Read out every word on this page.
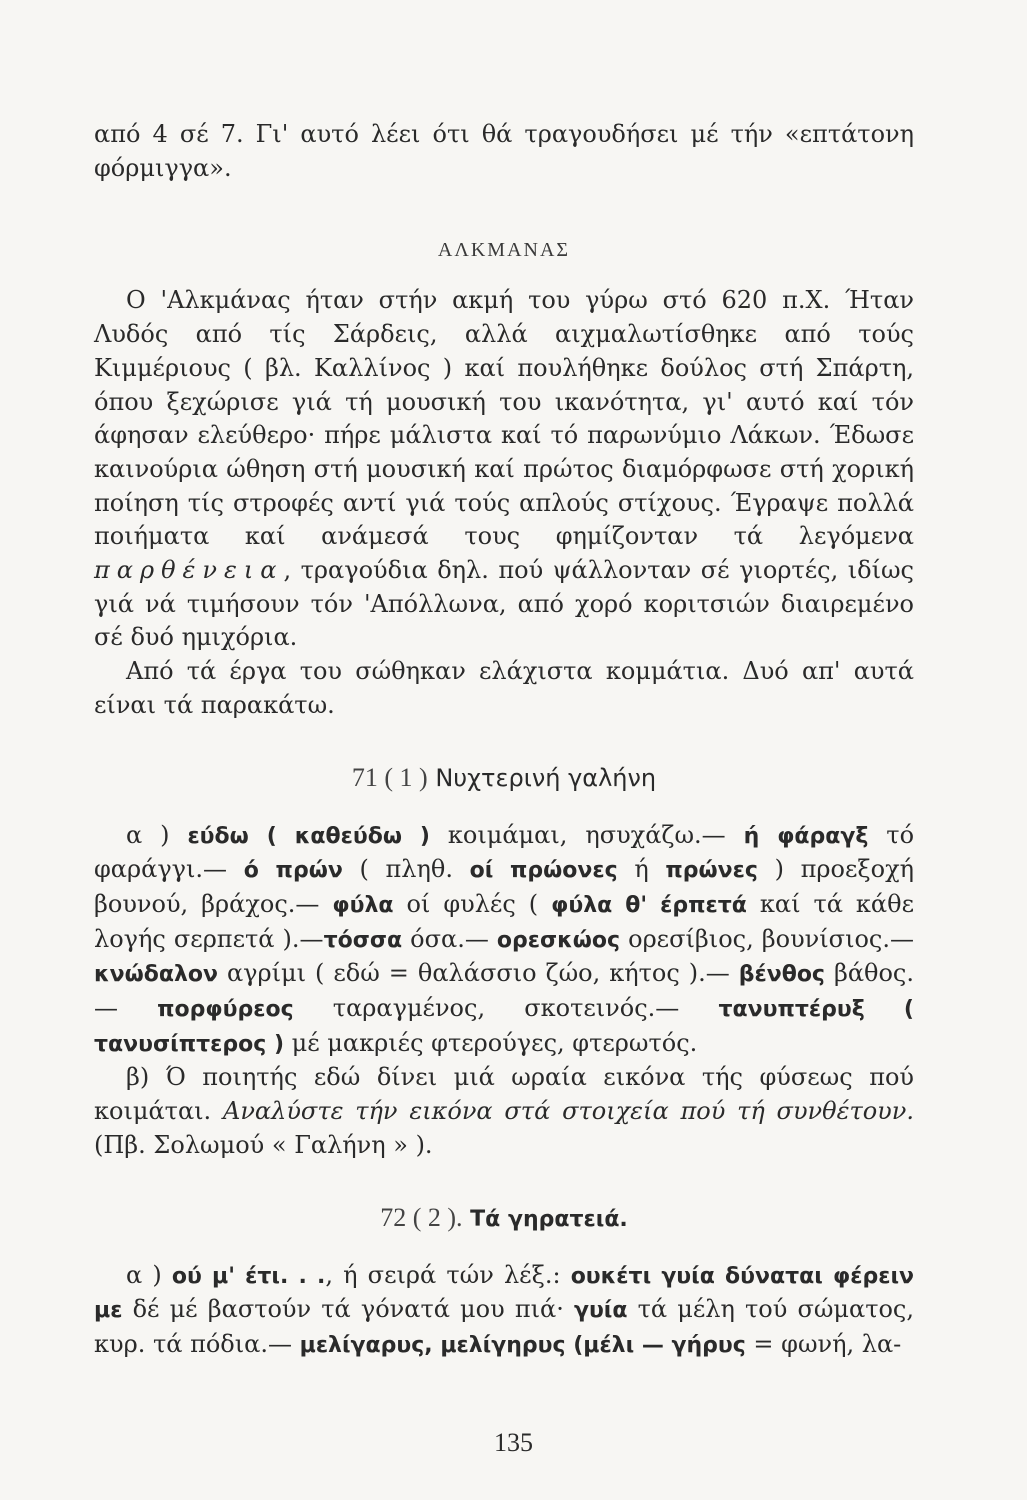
από 4 σέ 7. Γι' αυτό λέει ότι θά τραγουδήσει μέ τήν «επτάτονη φόρμιγγα».

ΑΛΚΜΑΝΑΣ

Ο 'Αλκμάνας ήταν στήν ακμή του γύρω στό 620 π.Χ. Ήταν Λυδός από τίς Σάρδεις, αλλά αιχμαλωτίσθηκε από τούς Κιμμέριους ( βλ. Καλλίνος ) καί πουλήθηκε δούλος στή Σπάρτη, όπου ξεχώρισε γιά τή μουσική του ικανότητα, γι' αυτό καί τόν άφησαν ελεύθερο· πήρε μάλιστα καί τό παρωνύμιο Λάκων. Έδωσε καινούρια ώθηση στή μουσική καί πρώτος διαμόρφωσε στή χορική ποίηση τίς στροφές αντί γιά τούς απλούς στίχους. Έγραψε πολλά ποιήματα καί ανάμεσά τους φημίζονταν τά λεγόμενα παρθένεια, τραγούδια δηλ. πού ψάλλονταν σέ γιορτές, ιδίως γιά νά τιμήσουν τόν 'Απόλλωνα, από χορό κοριτσιών διαιρεμένο σέ δυό ημιχόρια.

Από τά έργα του σώθηκαν ελάχιστα κομμάτια. Δυό απ' αυτά είναι τά παρακάτω.

71 ( 1 ) Νυχτερινή γαλήνη

α ) εύδω ( καθεύδω ) κοιμάμαι, ησυχάζω.— ή φάραγξ τό φαράγγι.— ό πρών ( πληθ. οί πρώονες ή πρώνες ) προεξοχή βουνού, βράχος.— φύλα οί φυλές ( φύλα θ' έρπετά καί τά κάθε λογής σερπετά ).—τόσσα όσα.— ορεσκώος ορεσίβιος, βουνίσιος.— κνώδαλον αγρίμι ( εδώ = θαλάσσιο ζώο, κήτος ).— βένθος βάθος.— πορφύρεος ταραγμένος, σκοτεινός.— τανυπτέρυξ ( τανυσίπτερος ) μέ μακριές φτερούγες, φτερωτός.

β) Ό ποιητής εδώ δίνει μιά ωραία εικόνα τής φύσεως πού κοιμάται. Αναλύστε τήν εικόνα στά στοιχεία πού τή συνθέτουν. (Πβ. Σολωμού « Γαλήνη » ).

72 ( 2 ). Τά γηρατειά.

α ) ού μ' έτι. . ., ή σειρά τών λέξ.: ουκέτι γυία δύναται φέρειν με δέ μέ βαστούν τά γόνατά μου πιά· γυία τά μέλη τού σώματος, κυρ. τά πόδια.— μελίγαρυς, μελίγηρυς (μέλι — γήρυς = φωνή, λα-

135
